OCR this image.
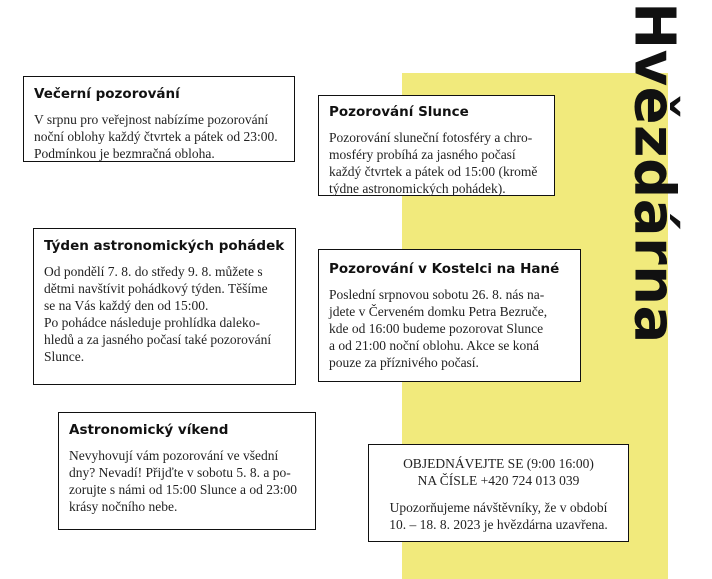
Hvězdárna
Večerní pozorování

V srpnu pro veřejnost nabízíme pozorování
noční oblohy každý čtvrtek a pátek od 23:00.
Podmínkou je bezmračná obloha.

Pozorování Slunce

Pozorování sluneční fotosféry a chro-
mosféry probíhá za jasného počasí
každý čtvrtek a pátek od 15:00 (kromě
týdne astronomických pohádek).

Týden astronomických pohádek

Od pondělí 7. 8. do středy 9. 8. můžete s
dětmi navštívit pohádkový týden. Těšíme
se na Vás každý den od 15:00.
Po pohádce následuje prohlídka daleko-
hledů a za jasného počasí také pozorování
Slunce.

Pozorování v Kostelci na Hané

Poslední srpnovou sobotu 26. 8. nás na-
jdete v Červeném domku Petra Bezruče,
kde od 16:00 budeme pozorovat Slunce
a od 21:00 noční oblohu. Akce se koná
pouze za příznivého počasí.

Astronomický víkend

Nevyhovují vám pozorování ve všední
dny? Nevadí! Přijďte v sobotu 5. 8. a po-
zorujte s námi od 15:00 Slunce a od 23:00
krásy nočního nebe.

OBJEDNÁVEJTE SE (9:00 16:00)
NA ČÍSLE +420 724 013 039

Upozorňujeme návštěvníky, že v období
10. – 18. 8. 2023 je hvězdárna uzavřena.
